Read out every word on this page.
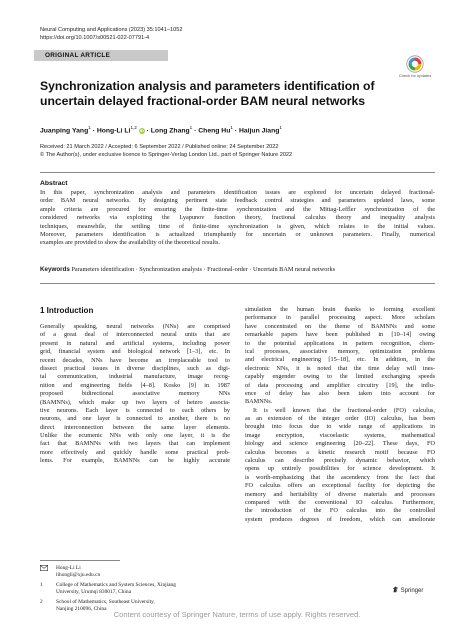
Neural Computing and Applications (2023) 35:1041–1052
https://doi.org/10.1007/s00521-022-07791-4
ORIGINAL ARTICLE
Check for updates
Synchronization analysis and parameters identification of uncertain delayed fractional-order BAM neural networks
Juanping Yang$^1$ · Hong-Li Li$^{1,2}$ iD · Long Zhang$^1$ · Cheng $Hu^1$ · Haijun Jiang$^1$
Received: 21 March 2022 / Accepted: 6 September 2022 / Published online: 24 September 2022
© The Author(s), under exclusive licence to Springer-Verlag London Ltd., part of Springer Nature 2022
Abstract
In this paper, synchronization analysis and parameters identification issues are explored for uncertain delayed fractional-
order BAM neural networks. By designing pertinent state feedback control strategies and parameters updated laws, some
ample criteria are procured for ensuring the finite-time synchronization and the Mittag-Leffler synchronization of the
considered networks via exploiting the Lyapunov function theory, fractional calculus theory and inequality analysis
techniques, meanwhile, the settling time of finite-time synchronization is given, which relates to the initial values.
Moreover, parameters identification is actualized triumphantly for uncertain or unknown parameters. Finally, numerical
examples are provided to show the availability of the theoretical results.
Keywords Parameters identification · Synchronization analysis · Fractional-order · Uncertain BAM neural networks
1 Introduction
Generally speaking, neural networks (NNs) are comprised
of a great deal of interconnected neural units that are
present in natural and artificial systems, including power
grid, financial system and biological network [1–3], etc. In
recent decades, NNs have become an irreplaceable tool to
dissect practical issues in diverse disciplines, such as digi-
tal communication, industrial manufacture, image recog-
nition and engineering fields [4–8]. Kosko [9] in 1987
proposed bidirectional associative memory NNs
(BAMNNs), which make up two layers of hetero associa-
tive neurons. Each layer is connected to each others by
neurons, and one layer is connected to another, there is no
direct interconnection between the same layer elements.
Unlike the ecumenic NNs with only one layer, it is the
fact that BAMNNs with two layers that can implement
more effectively and quickly handle some practical prob-
lems. For example, BAMNNs can be highly accurate
simulation the human brain thanks to forming excellent
performance in parallel processing aspect. More scholars
have concentrated on the theme of BAMNNs and some
remarkable papers have been published in [10–14] owing
to the potential applications in pattern recognition, chem-
ical processes, associative memory, optimization problems
and electrical engineering [15–18], etc. In addition, in the
electronic NNs, it is noted that the time delay will ines-
capably engender owing to the limited exchanging speeds
of data processing and amplifier circuitry [19], the influ-
ence of delay has also been taken into account for
BAMNNs.
It is well known that the fractional-order (FO) calculus,
as an extension of the integer order (IO) calculus, has been
brought into focus due to wide range of applications in
image encryption, viscoelastic systems, mathematical
biology and science engineering [20–22]. These days, FO
calculus becomes a kinetic research motif because FO
calculus can describe precisely dynamic behavior, which
opens up entirely possibilities for science development. It
is worth-emphasizing that the ascendency from the fact that
FO calculus offers an exceptional facility for depicting the
memory and heritability of diverse materials and processes
compared with the conventional IO calculus. Furthermore,
the introduction of the FO calculus into the controlled
system produces degrees of freedom, which can ameliorate
Hong-Li Li
lihongli@xju.edu.cn
1	College of Mathematics and System Sciences, Xinjiang
University, Urumqi 830017, China
2	School of Mathematics, Southeast University,
Nanjing 210096, China
Springer
Content courtesy of Springer Nature, terms of use apply. Rights reserved.
